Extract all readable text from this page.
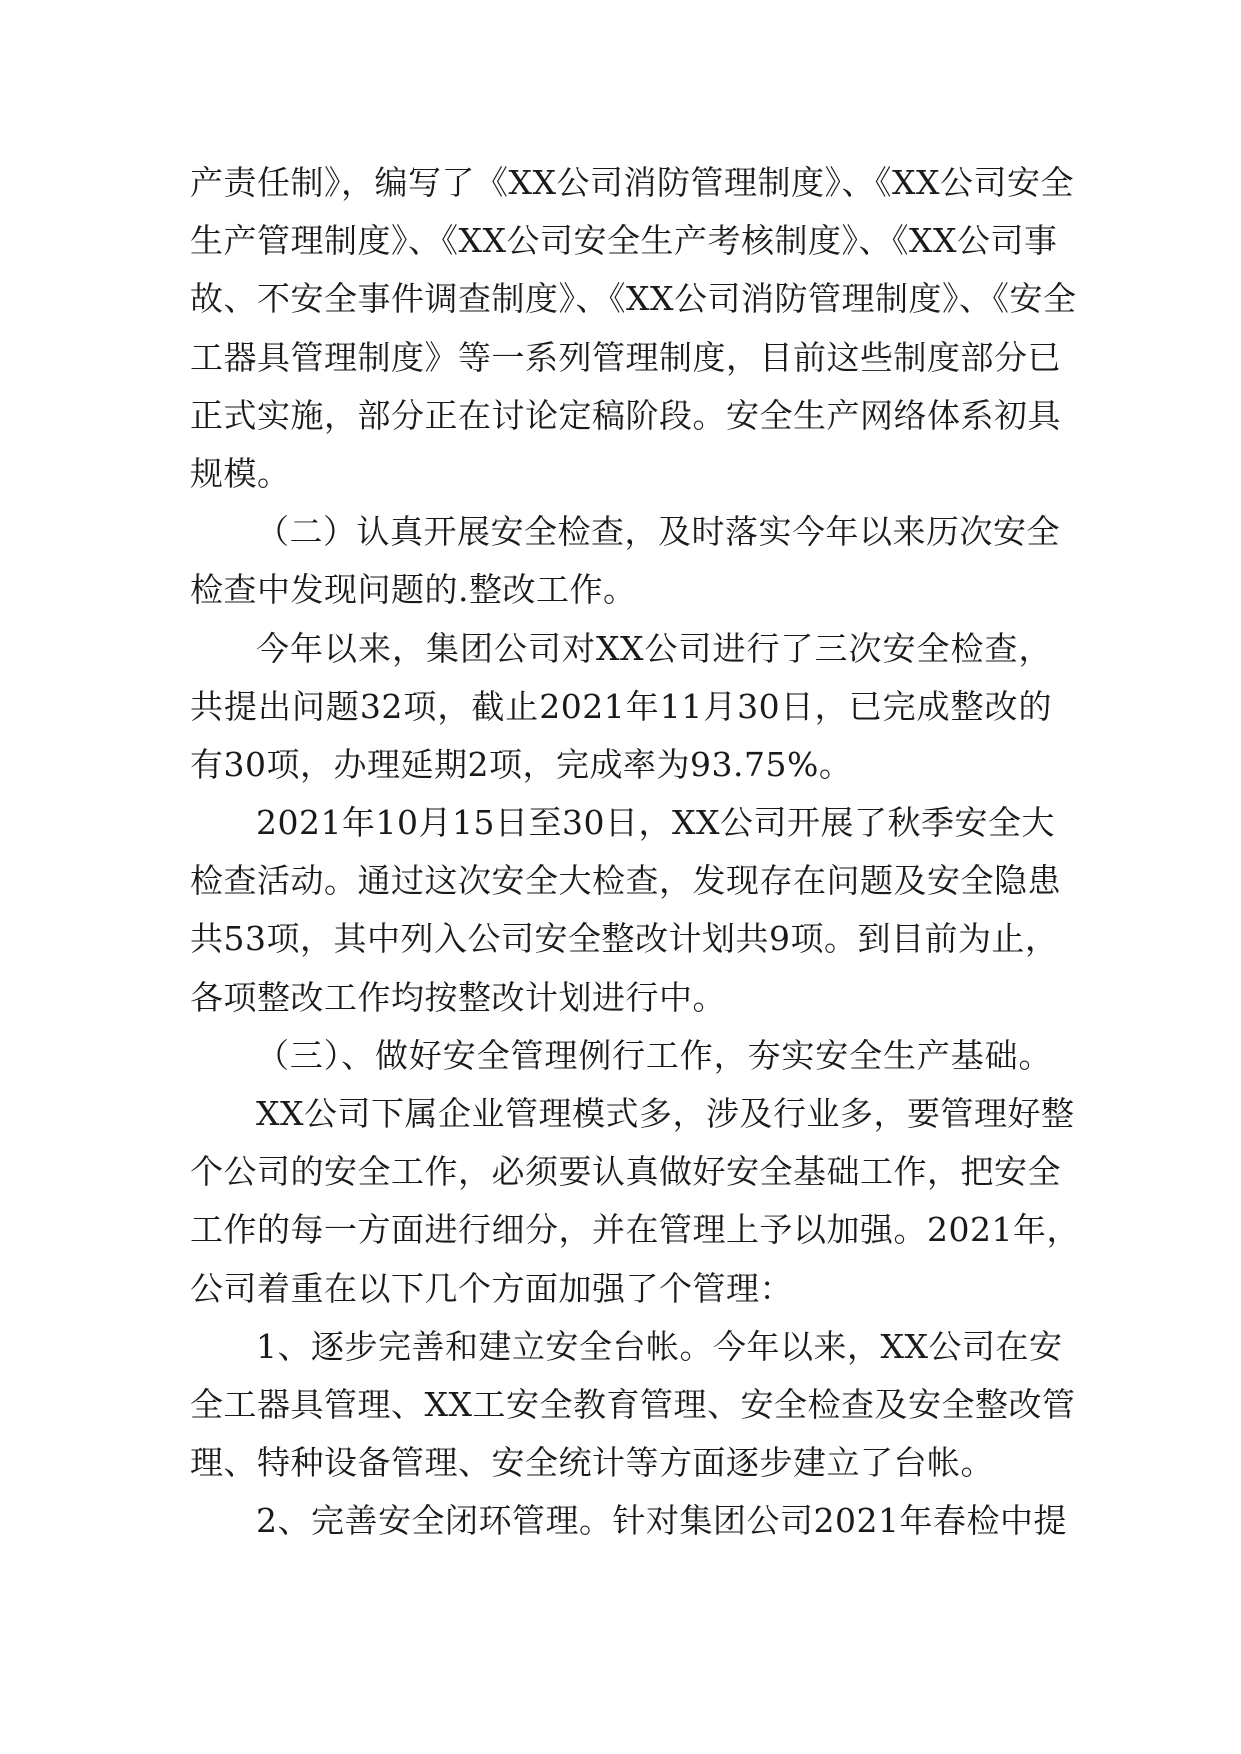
产责任制》，编写了《XX公司消防管理制度》、《XX公司安全
生产管理制度》、《XX公司安全生产考核制度》、《XX公司事
故、不安全事件调查制度》、《XX公司消防管理制度》、《安全
工器具管理制度》等一系列管理制度，目前这些制度部分已
正式实施，部分正在讨论定稿阶段。安全生产网络体系初具
规模。
（二）认真开展安全检查，及时落实今年以来历次安全
检查中发现问题的.整改工作。
今年以来，集团公司对XX公司进行了三次安全检查，
共提出问题32项，截止2021年11月30日，已完成整改的
有30项，办理延期2项，完成率为93.75%。
2021年10月15日至30日，XX公司开展了秋季安全大
检查活动。通过这次安全大检查，发现存在问题及安全隐患
共53项，其中列入公司安全整改计划共9项。到目前为止，
各项整改工作均按整改计划进行中。
（三）、做好安全管理例行工作，夯实安全生产基础。
XX公司下属企业管理模式多，涉及行业多，要管理好整
个公司的安全工作，必须要认真做好安全基础工作，把安全
工作的每一方面进行细分，并在管理上予以加强。2021年，
公司着重在以下几个方面加强了个管理：
1、逐步完善和建立安全台帐。今年以来，XX公司在安
全工器具管理、XX工安全教育管理、安全检查及安全整改管
理、特种设备管理、安全统计等方面逐步建立了台帐。
2、完善安全闭环管理。针对集团公司2021年春检中提
